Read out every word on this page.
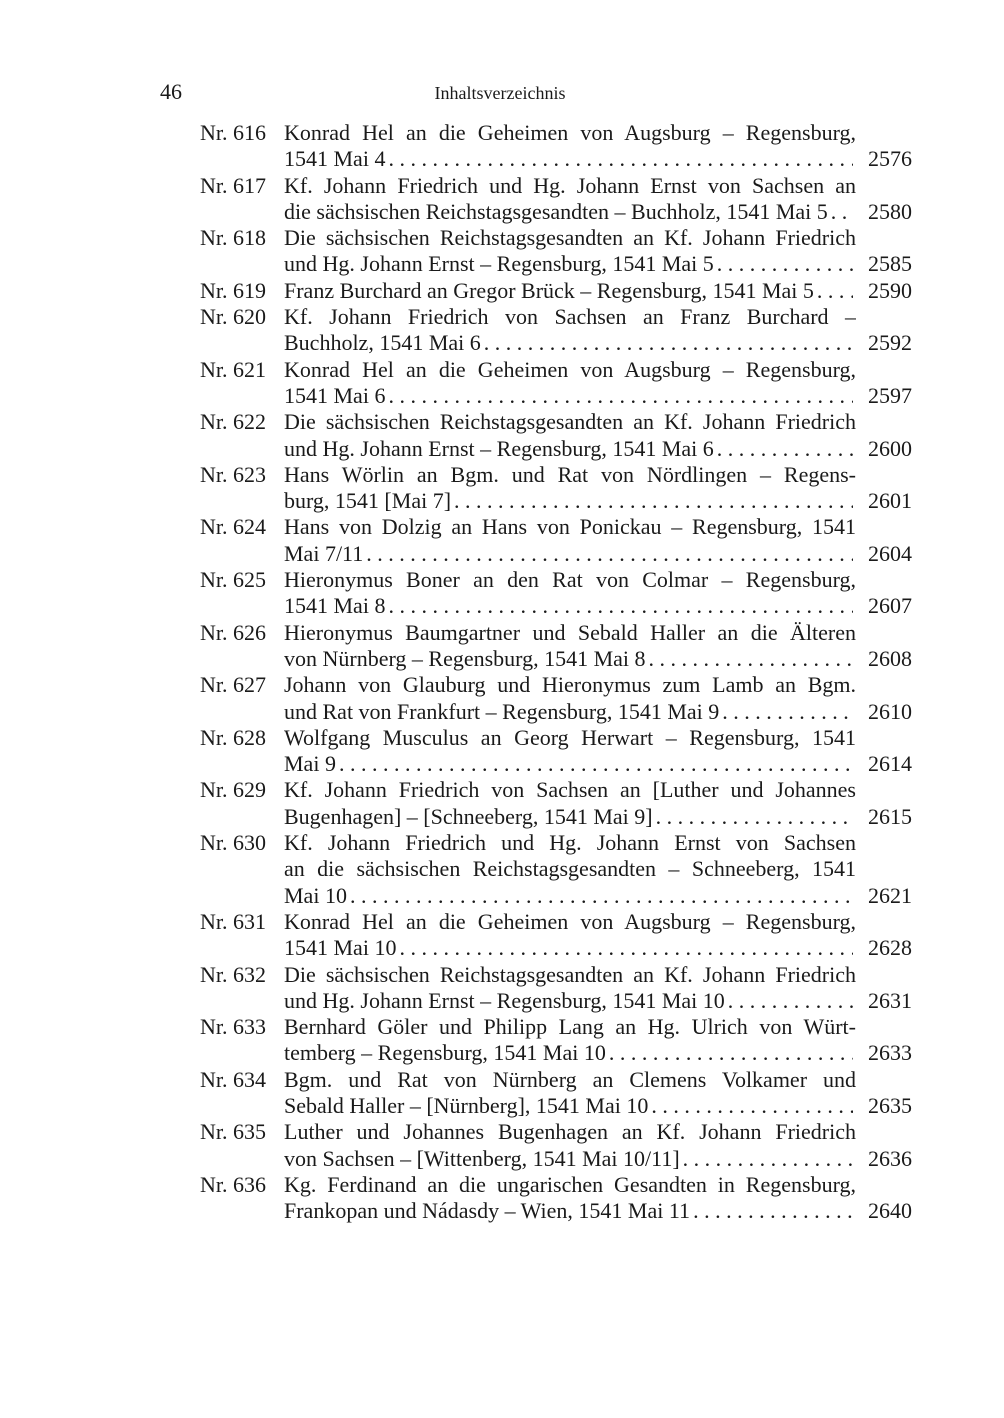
46	Inhaltsverzeichnis
Nr. 616 Konrad Hel an die Geheimen von Augsburg – Regensburg,
1541 Mai 4 . . .	2576
Nr. 617 Kf. Johann Friedrich und Hg. Johann Ernst von Sachsen an
die sächsischen Reichstagsgesandten – Buchholz, 1541 Mai 5 . . .	2580
Nr. 618 Die sächsischen Reichstagsgesandten an Kf. Johann Friedrich
und Hg. Johann Ernst – Regensburg, 1541 Mai 5 . . .	2585
Nr. 619 Franz Burchard an Gregor Brück – Regensburg, 1541 Mai 5 . . .	2590
Nr. 620 Kf. Johann Friedrich von Sachsen an Franz Burchard –
Buchholz, 1541 Mai 6 . . .	2592
Nr. 621 Konrad Hel an die Geheimen von Augsburg – Regensburg,
1541 Mai 6 . . .	2597
Nr. 622 Die sächsischen Reichstagsgesandten an Kf. Johann Friedrich
und Hg. Johann Ernst – Regensburg, 1541 Mai 6 . . .	2600
Nr. 623 Hans Wörlin an Bgm. und Rat von Nördlingen – Regens-
burg, 1541 [Mai 7] . . .	2601
Nr. 624 Hans von Dolzig an Hans von Ponickau – Regensburg, 1541
Mai 7/11 . . .	2604
Nr. 625 Hieronymus Boner an den Rat von Colmar – Regensburg,
1541 Mai 8 . . .	2607
Nr. 626 Hieronymus Baumgartner und Sebald Haller an die Älteren
von Nürnberg – Regensburg, 1541 Mai 8 . . .	2608
Nr. 627 Johann von Glauburg und Hieronymus zum Lamb an Bgm.
und Rat von Frankfurt – Regensburg, 1541 Mai 9 . . .	2610
Nr. 628 Wolfgang Musculus an Georg Herwart – Regensburg, 1541
Mai 9 . . .	2614
Nr. 629 Kf. Johann Friedrich von Sachsen an [Luther und Johannes
Bugenhagen] – [Schneeberg, 1541 Mai 9] . . .	2615
Nr. 630 Kf. Johann Friedrich und Hg. Johann Ernst von Sachsen
an die sächsischen Reichstagsgesandten – Schneeberg, 1541
Mai 10 . . .	2621
Nr. 631 Konrad Hel an die Geheimen von Augsburg – Regensburg,
1541 Mai 10 . . .	2628
Nr. 632 Die sächsischen Reichstagsgesandten an Kf. Johann Friedrich
und Hg. Johann Ernst – Regensburg, 1541 Mai 10 . . .	2631
Nr. 633 Bernhard Göler und Philipp Lang an Hg. Ulrich von Würt-
temberg – Regensburg, 1541 Mai 10 . . .	2633
Nr. 634 Bgm. und Rat von Nürnberg an Clemens Volkamer und
Sebald Haller – [Nürnberg], 1541 Mai 10 . . .	2635
Nr. 635 Luther und Johannes Bugenhagen an Kf. Johann Friedrich
von Sachsen – [Wittenberg, 1541 Mai 10/11] . . .	2636
Nr. 636 Kg. Ferdinand an die ungarischen Gesandten in Regensburg,
Frankopan und Nádasdy – Wien, 1541 Mai 11 . . .	2640
